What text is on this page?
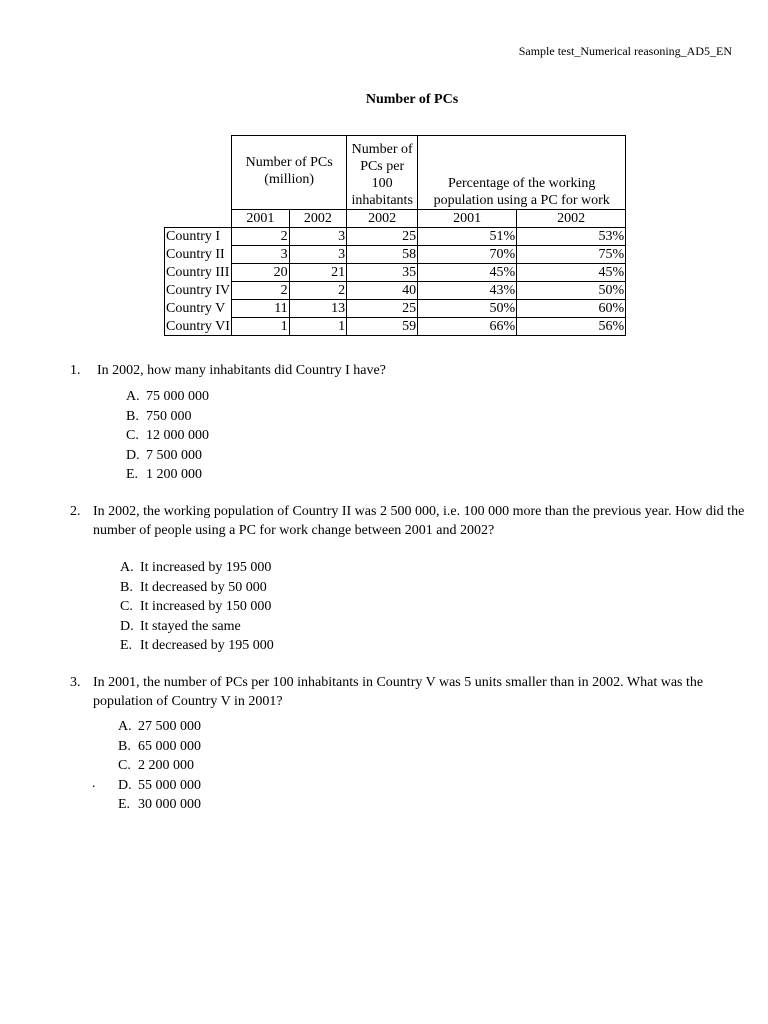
Sample test_Numerical reasoning_AD5_EN
Number of PCs
	Number of PCs (million)		Number of PCs per 100 inhabitants	Percentage of the working population using a PC for work	
	2001	2002	2002	2001	2002
Country I	2	3	25	51%	53%
Country II	3	3	58	70%	75%
Country III	20	21	35	45%	45%
Country IV	2	2	40	43%	50%
Country V	11	13	25	50%	60%
Country VI	1	1	59	66%	56%
1.	In 2002, how many inhabitants did Country I have?
A. 75 000 000
B. 750 000
C. 12 000 000
D. 7 500 000
E. 1 200 000
2. In 2002, the working population of Country II was 2 500 000, i.e. 100 000 more than the previous year. How did the number of people using a PC for work change between 2001 and 2002?
A. It increased by 195 000
B. It decreased by 50 000
C. It increased by 150 000
D. It stayed the same
E. It decreased by 195 000
3. In 2001, the number of PCs per 100 inhabitants in Country V was 5 units smaller than in 2002. What was the population of Country V in 2001?
A. 27 500 000
B. 65 000 000
C. 2 200 000
D. 55 000 000
E. 30 000 000
.
